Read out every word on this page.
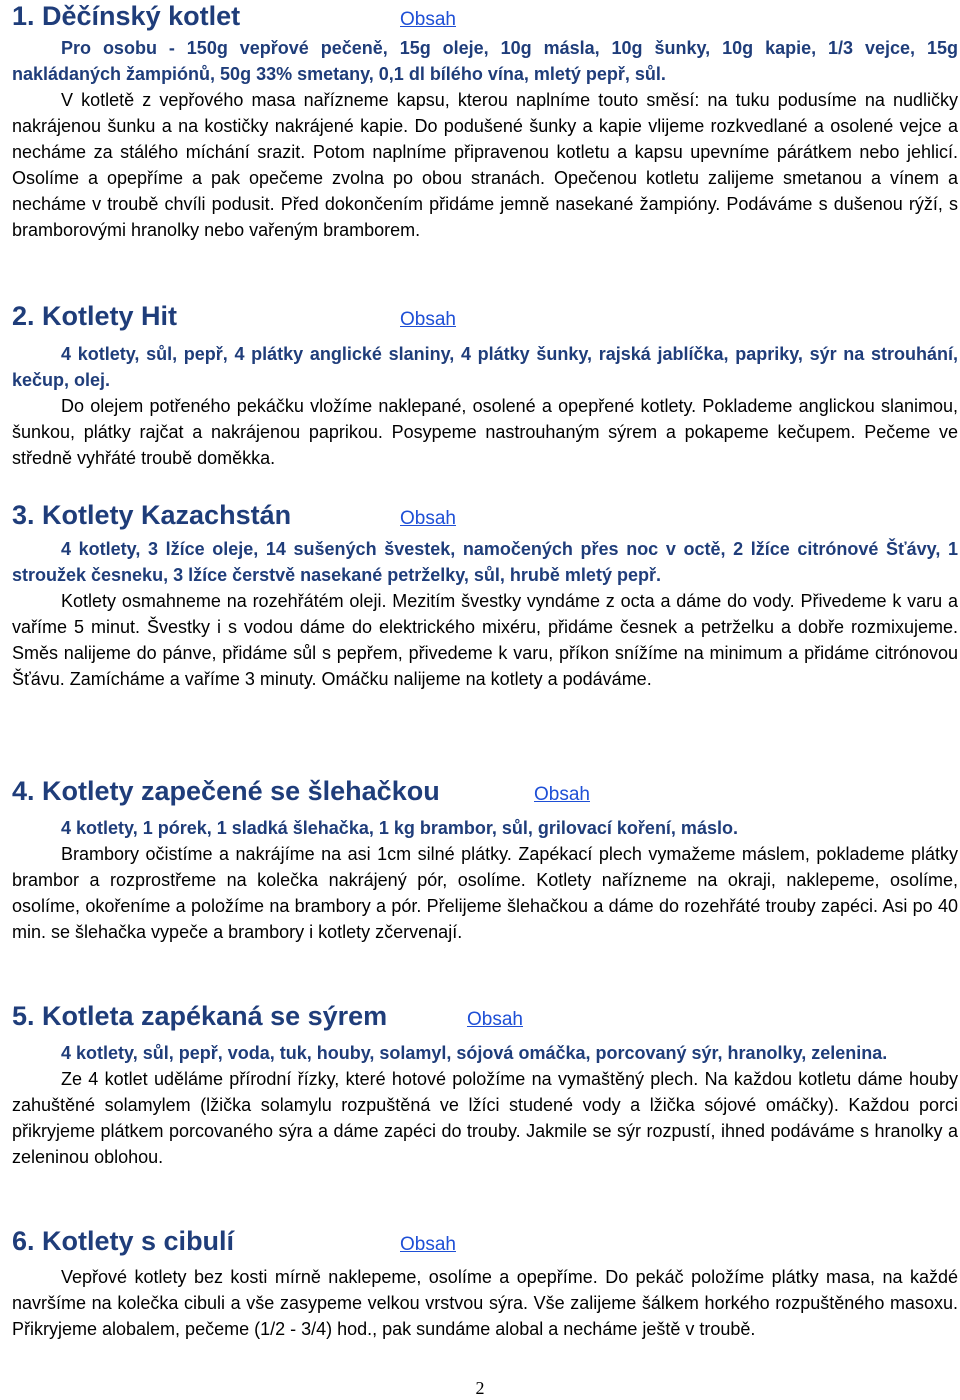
1. Děčínský kotlet	Obsah

Pro osobu - 150g vepřové pečeně, 15g oleje, 10g másla, 10g šunky, 10g kapie, 1/3 vejce, 15g nakládaných žampiónů, 50g 33% smetany, 0,1 dl bílého vína, mletý pepř, sůl.

V kotletě z vepřového masa nařízneme kapsu, kterou naplníme touto směsí: na tuku podusíme na nudličky nakrájenou šunku a na kostičky nakrájené kapie. Do podušené šunky a kapie vlijeme rozkvedlané a osolené vejce a necháme za stálého míchání srazit. Potom naplníme připravenou kotletu a kapsu upevníme párátkem nebo jehlicí. Osolíme a opepříme a pak opečeme zvolna po obou stranách. Opečenou kotletu zalijeme smetanou a vínem a necháme v troubě chvíli podusit. Před dokončením přidáme jemně nasekané žampióny. Podáváme s dušenou rýží, s bramborovými hranolky nebo vařeným bramborem.

2. Kotlety Hit	Obsah

4 kotlety, sůl, pepř, 4 plátky anglické slaniny, 4 plátky šunky, rajská jablíčka, papriky, sýr na strouhání, kečup, olej.

Do olejem potřeného pekáčku vložíme naklepané, osolené a opepřené kotlety. Poklademe anglickou slanimou, šunkou, plátky rajčat a nakrájenou paprikou. Posypeme nastrouhaným sýrem a pokapeme kečupem. Pečeme ve středně vyhřáté troubě doměkka.

3. Kotlety Kazachstán	Obsah

4 kotlety, 3 lžíce oleje, 14 sušených švestek, namočených přes noc v octě, 2 lžíce citrónové Šťávy, 1 stroužek česneku, 3 lžíce čerstvě nasekané petrželky, sůl, hrubě mletý pepř.

Kotlety osmahneme na rozehřátém oleji. Mezitím švestky vyndáme z octa a dáme do vody. Přivedeme k varu a vaříme 5 minut. Švestky i s vodou dáme do elektrického mixéru, přidáme česnek a petrželku a dobře rozmixujeme. Směs nalijeme do pánve, přidáme sůl s pepřem, přivedeme k varu, příkon snížíme na minimum a přidáme citrónovou Šťávu. Zamícháme a vaříme 3 minuty. Omáčku nalijeme na kotlety a podáváme.

4. Kotlety zapečené se šlehačkou	Obsah

4 kotlety, 1 pórek, 1 sladká šlehačka, 1 kg brambor, sůl, grilovací koření, máslo.

Brambory očistíme a nakrájíme na asi 1cm silné plátky. Zapékací plech vymažeme máslem, poklademe plátky brambor a rozprostřeme na kolečka nakrájený pór, osolíme. Kotlety nařízneme na okraji, naklepeme, osolíme, osolíme, okořeníme a položíme na brambory a pór. Přelijeme šlehačkou a dáme do rozehřáté trouby zapéci. Asi po 40 min. se šlehačka vypeče a brambory i kotlety zčervenají.

5. Kotleta zapékaná se sýrem	Obsah

4 kotlety, sůl, pepř, voda, tuk, houby, solamyl, sójová omáčka, porcovaný sýr, hranolky, zelenina.

Ze 4 kotlet uděláme přírodní řízky, které hotové položíme na vymaštěný plech. Na každou kotletu dáme houby zahuštěné solamylem (lžička solamylu rozpuštěná ve lžíci studené vody a lžička sójové omáčky). Každou porci přikryjeme plátkem porcovaného sýra a dáme zapéci do trouby. Jakmile se sýr rozpustí, ihned podáváme s hranolky a zeleninou oblohou.

6. Kotlety s cibulí	Obsah

Vepřové kotlety bez kosti mírně naklepeme, osolíme a opepříme. Do pekáč položíme plátky masa, na každé navršíme na kolečka cibuli a vše zasypeme velkou vrstvou sýra. Vše zalijeme šálkem horkého rozpuštěného masoxu. Přikryjeme alobalem, pečeme (1/2 - 3/4) hod., pak sundáme alobal a necháme ještě v troubě.

2
